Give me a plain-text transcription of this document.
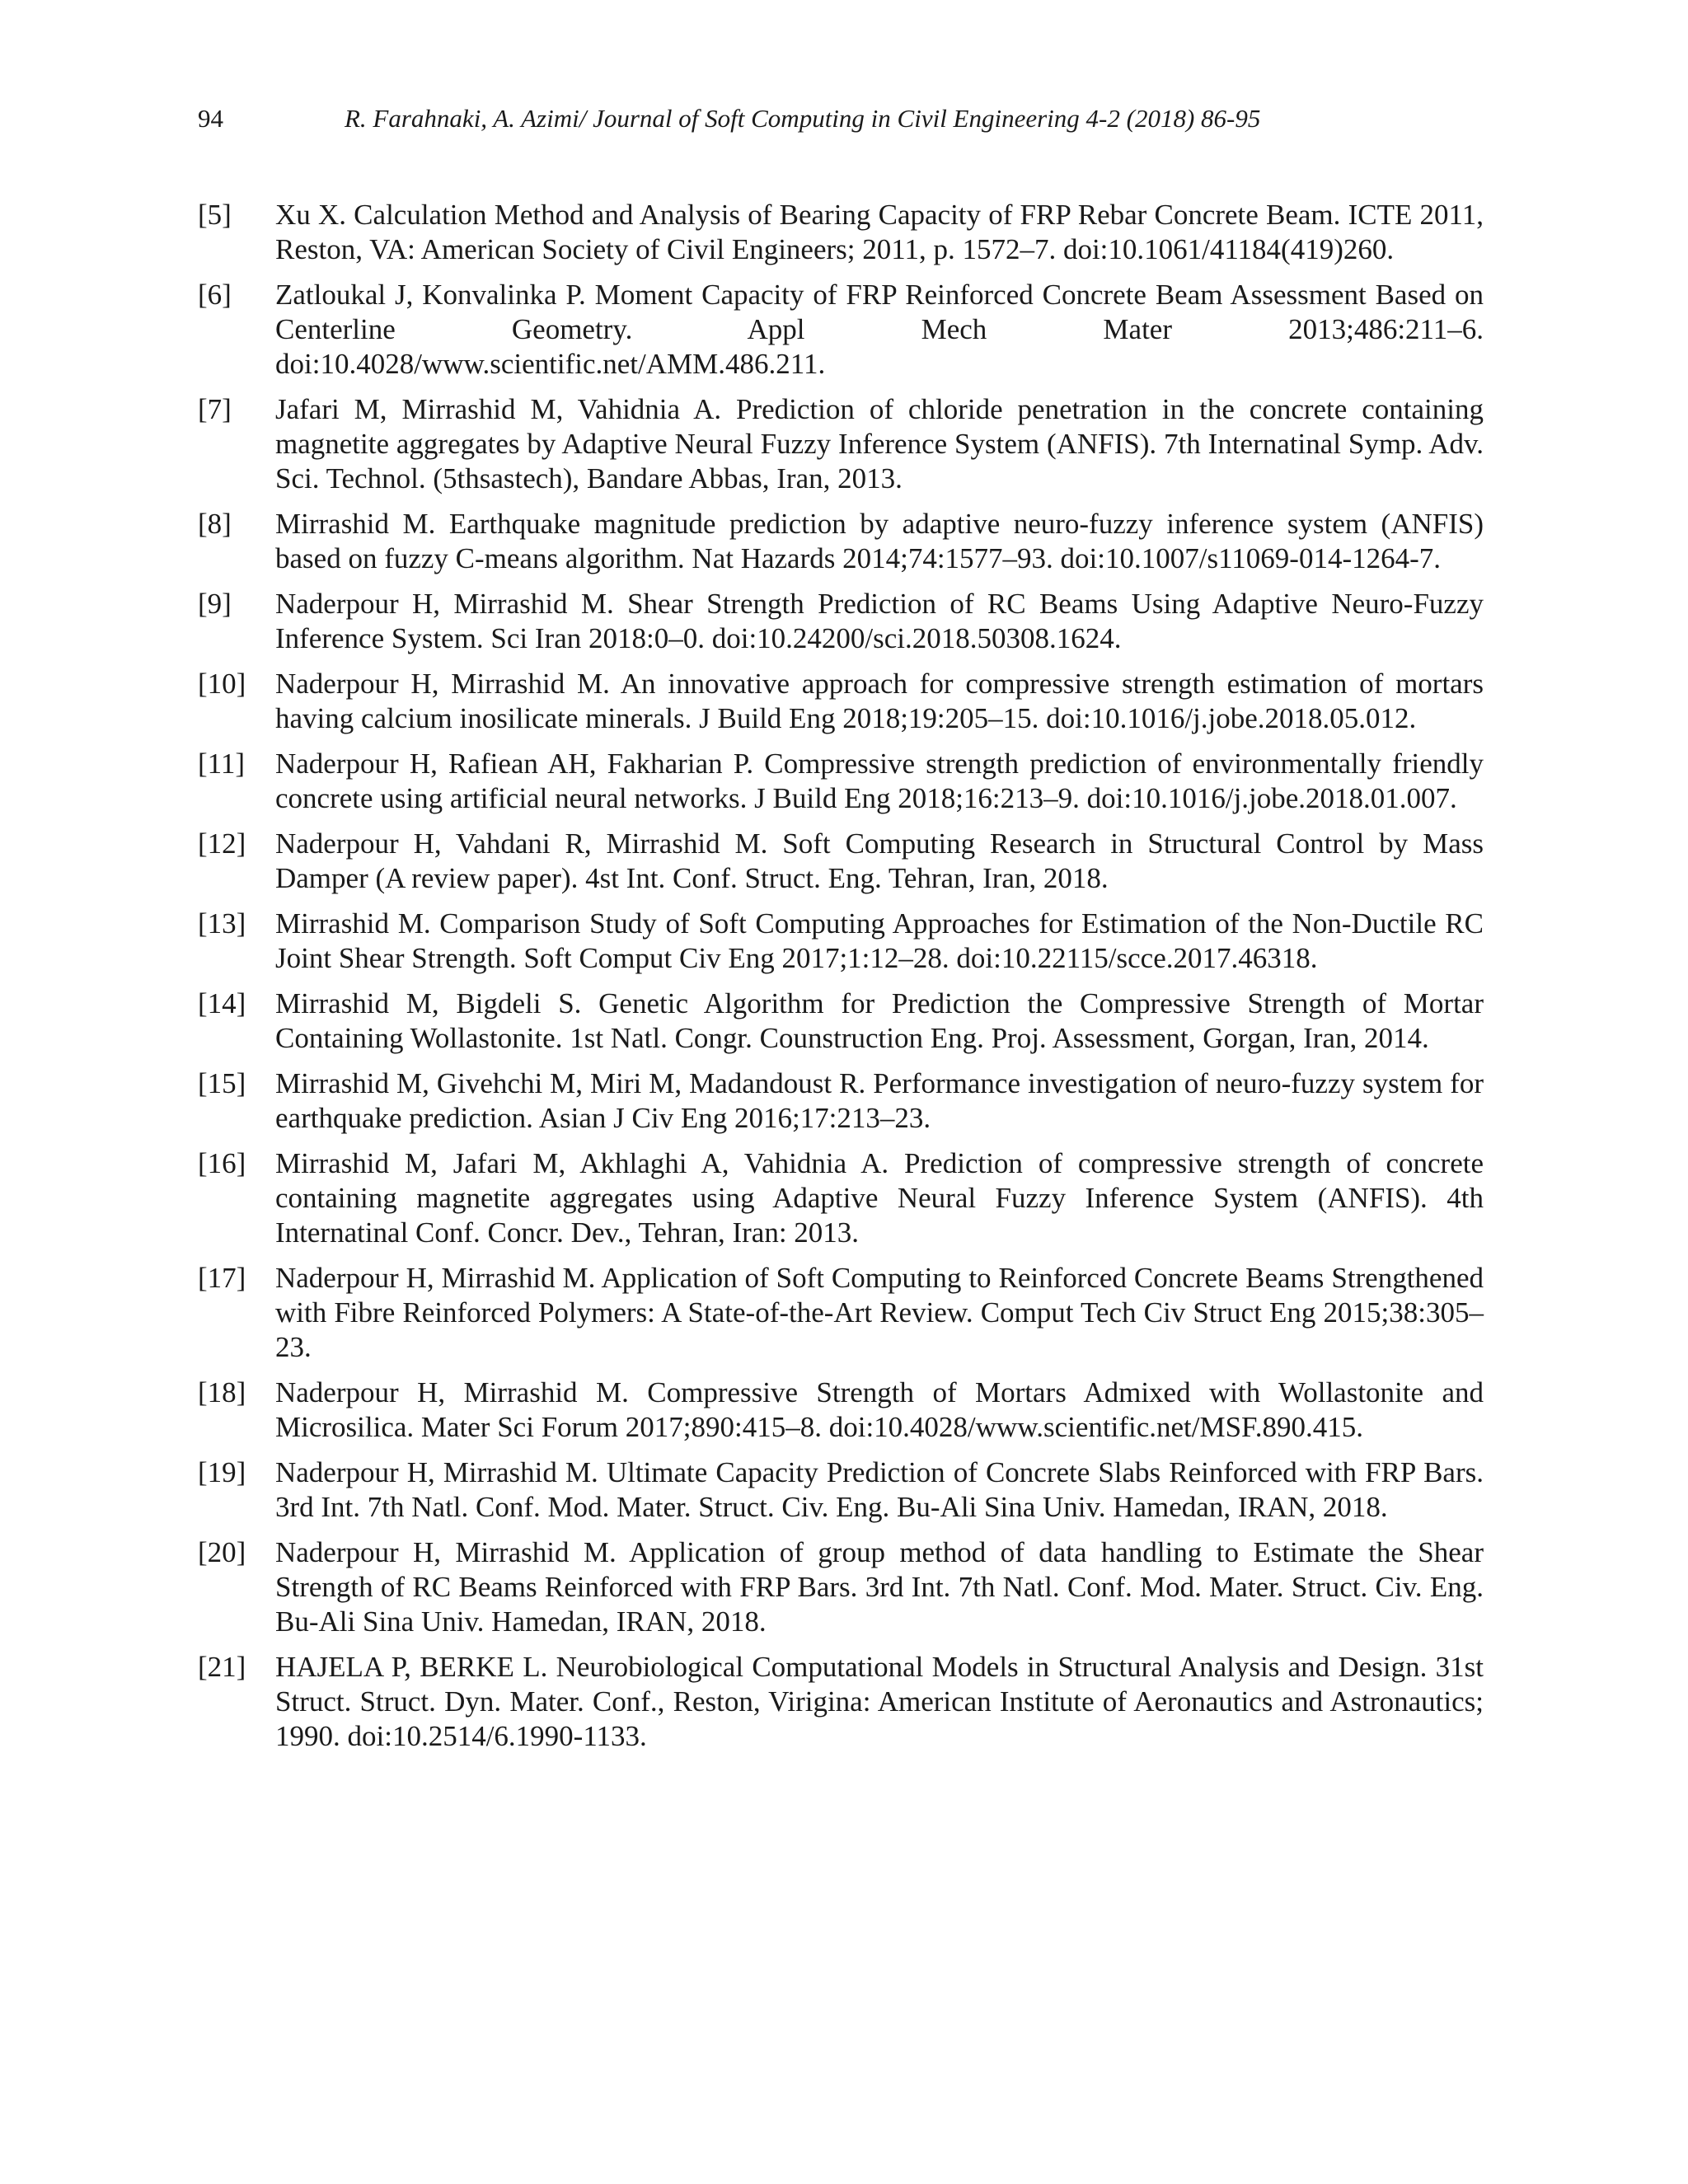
94	R. Farahnaki, A. Azimi/ Journal of Soft Computing in Civil Engineering 4-2 (2018) 86-95
[5]	Xu X. Calculation Method and Analysis of Bearing Capacity of FRP Rebar Concrete Beam. ICTE 2011, Reston, VA: American Society of Civil Engineers; 2011, p. 1572–7. doi:10.1061/41184(419)260.
[6]	Zatloukal J, Konvalinka P. Moment Capacity of FRP Reinforced Concrete Beam Assessment Based on Centerline Geometry. Appl Mech Mater 2013;486:211–6. doi:10.4028/www.scientific.net/AMM.486.211.
[7]	Jafari M, Mirrashid M, Vahidnia A. Prediction of chloride penetration in the concrete containing magnetite aggregates by Adaptive Neural Fuzzy Inference System (ANFIS). 7th Internatinal Symp. Adv. Sci. Technol. (5thsastech), Bandare Abbas, Iran, 2013.
[8]	Mirrashid M. Earthquake magnitude prediction by adaptive neuro-fuzzy inference system (ANFIS) based on fuzzy C-means algorithm. Nat Hazards 2014;74:1577–93. doi:10.1007/s11069-014-1264-7.
[9]	Naderpour H, Mirrashid M. Shear Strength Prediction of RC Beams Using Adaptive Neuro-Fuzzy Inference System. Sci Iran 2018:0–0. doi:10.24200/sci.2018.50308.1624.
[10]	Naderpour H, Mirrashid M. An innovative approach for compressive strength estimation of mortars having calcium inosilicate minerals. J Build Eng 2018;19:205–15. doi:10.1016/j.jobe.2018.05.012.
[11]	Naderpour H, Rafiean AH, Fakharian P. Compressive strength prediction of environmentally friendly concrete using artificial neural networks. J Build Eng 2018;16:213–9. doi:10.1016/j.jobe.2018.01.007.
[12]	Naderpour H, Vahdani R, Mirrashid M. Soft Computing Research in Structural Control by Mass Damper (A review paper). 4st Int. Conf. Struct. Eng. Tehran, Iran, 2018.
[13]	Mirrashid M. Comparison Study of Soft Computing Approaches for Estimation of the Non-Ductile RC Joint Shear Strength. Soft Comput Civ Eng 2017;1:12–28. doi:10.22115/scce.2017.46318.
[14]	Mirrashid M, Bigdeli S. Genetic Algorithm for Prediction the Compressive Strength of Mortar Containing Wollastonite. 1st Natl. Congr. Counstruction Eng. Proj. Assessment, Gorgan, Iran, 2014.
[15]	Mirrashid M, Givehchi M, Miri M, Madandoust R. Performance investigation of neuro-fuzzy system for earthquake prediction. Asian J Civ Eng 2016;17:213–23.
[16]	Mirrashid M, Jafari M, Akhlaghi A, Vahidnia A. Prediction of compressive strength of concrete containing magnetite aggregates using Adaptive Neural Fuzzy Inference System (ANFIS). 4th Internatinal Conf. Concr. Dev., Tehran, Iran: 2013.
[17]	Naderpour H, Mirrashid M. Application of Soft Computing to Reinforced Concrete Beams Strengthened with Fibre Reinforced Polymers: A State-of-the-Art Review. Comput Tech Civ Struct Eng 2015;38:305–23.
[18]	Naderpour H, Mirrashid M. Compressive Strength of Mortars Admixed with Wollastonite and Microsilica. Mater Sci Forum 2017;890:415–8. doi:10.4028/www.scientific.net/MSF.890.415.
[19]	Naderpour H, Mirrashid M. Ultimate Capacity Prediction of Concrete Slabs Reinforced with FRP Bars. 3rd Int. 7th Natl. Conf. Mod. Mater. Struct. Civ. Eng. Bu-Ali Sina Univ. Hamedan, IRAN, 2018.
[20]	Naderpour H, Mirrashid M. Application of group method of data handling to Estimate the Shear Strength of RC Beams Reinforced with FRP Bars. 3rd Int. 7th Natl. Conf. Mod. Mater. Struct. Civ. Eng. Bu-Ali Sina Univ. Hamedan, IRAN, 2018.
[21]	HAJELA P, BERKE L. Neurobiological Computational Models in Structural Analysis and Design. 31st Struct. Struct. Dyn. Mater. Conf., Reston, Virigina: American Institute of Aeronautics and Astronautics; 1990. doi:10.2514/6.1990-1133.
